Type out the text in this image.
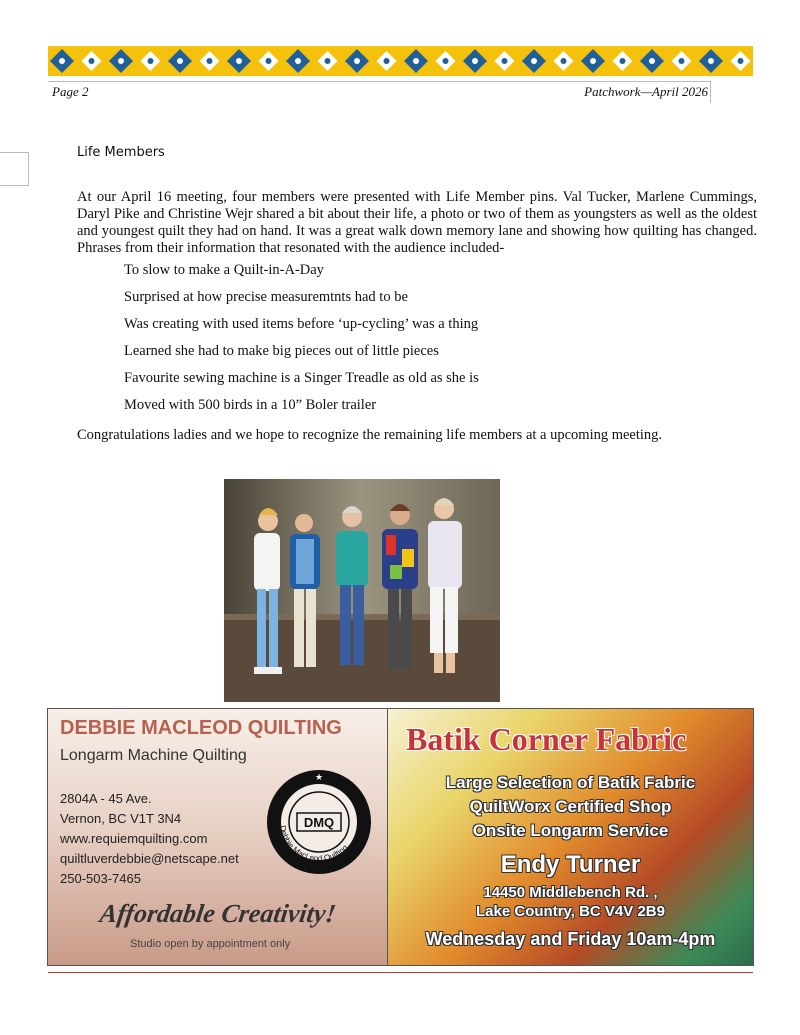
Page 2	Patchwork—April 2026
Life Members
At our April 16 meeting, four members were presented with Life Member pins. Val Tucker, Marlene Cummings, Daryl Pike and Christine Wejr shared a bit about their life, a photo or two of them as youngsters as well as the oldest and youngest quilt they had on hand. It was a great walk down memory lane and showing how quilting has changed. Phrases from their information that resonated with the audience included-
To slow to make a Quilt-in-A-Day
Surprised at how precise measuremtnts had to be
Was creating with used items before ‘up-cycling’ was a thing
Learned she had to make big pieces out of little pieces
Favourite sewing machine is a Singer Treadle as old as she is
Moved with 500 birds in a 10” Boler trailer
Congratulations ladies and we hope to recognize the remaining life members at a upcoming meeting.
DEBBIE MACLEOD QUILTING
Longarm Machine Quilting
2804A - 45 Ave.
Vernon, BC V1T 3N4
www.requiemquilting.com
quiltluverdebbie@netscape.net
250-503-7465
DMQ
Debbie MacLeod Quilting
★
Affordable Creativity!
Studio open by appointment only
Batik Corner Fabric
Large Selection of Batik Fabric
QuiltWorx Certified Shop
Onsite Longarm Service
Endy Turner
14450 Middlebench Rd. ,
Lake Country, BC V4V 2B9
Wednesday and Friday 10am-4pm
